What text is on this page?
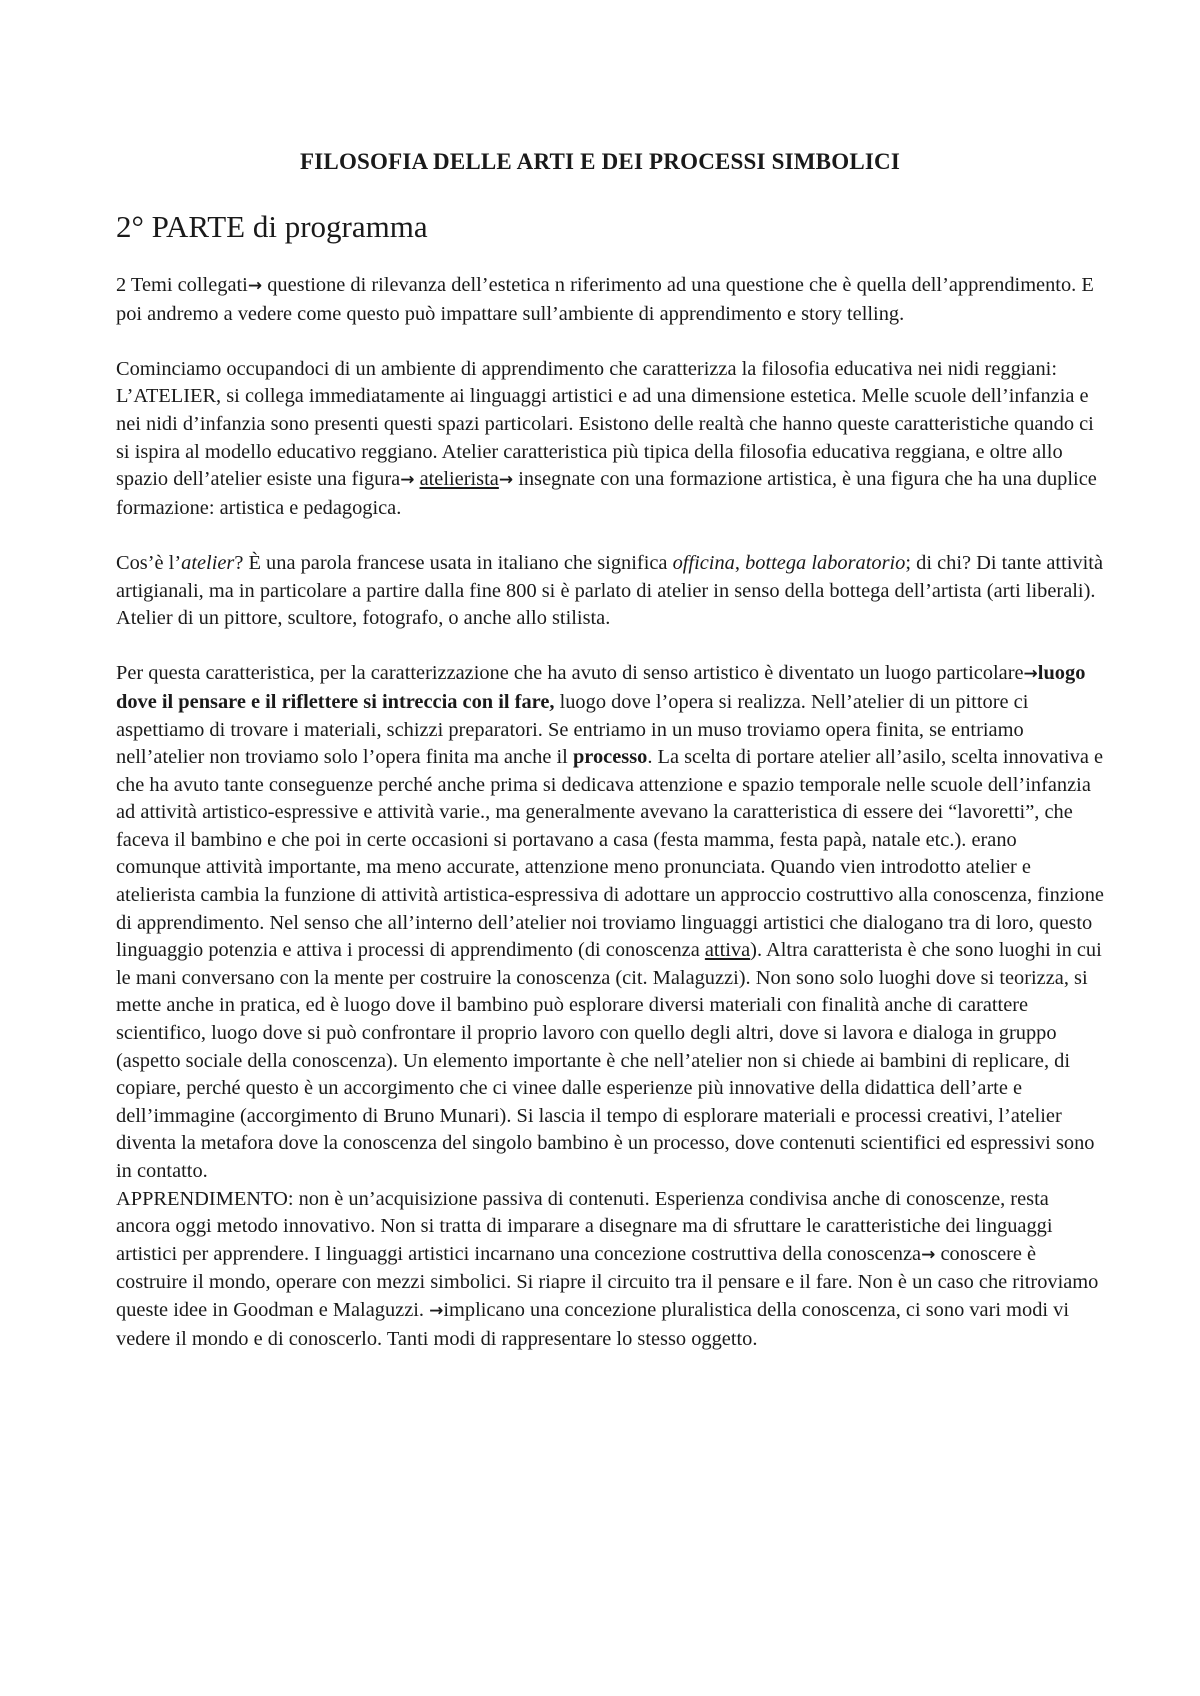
FILOSOFIA DELLE ARTI E DEI PROCESSI SIMBOLICI
2° PARTE di programma

2 Temi collegati→ questione di rilevanza dell’estetica n riferimento ad una questione che è quella dell’apprendimento. E poi andremo a vedere come questo può impattare sull’ambiente di apprendimento e story telling.

Cominciamo occupandoci di un ambiente di apprendimento che caratterizza la filosofia educativa nei nidi reggiani: L’ATELIER, si collega immediatamente ai linguaggi artistici e ad una dimensione estetica. Melle scuole dell’infanzia e nei nidi d’infanzia sono presenti questi spazi particolari. Esistono delle realtà che hanno queste caratteristiche quando ci si ispira al modello educativo reggiano. Atelier caratteristica più tipica della filosofia educativa reggiana, e oltre allo spazio dell’atelier esiste una figura→ atelierista→ insegnate con una formazione artistica, è una figura che ha una duplice formazione: artistica e pedagogica.

Cos’è l’atelier? È una parola francese usata in italiano che significa officina, bottega laboratorio; di chi? Di tante attività artigianali, ma in particolare a partire dalla fine 800 si è parlato di atelier in senso della bottega dell’artista (arti liberali). Atelier di un pittore, scultore, fotografo, o anche allo stilista.

Per questa caratteristica, per la caratterizzazione che ha avuto di senso artistico è diventato un luogo particolare→luogo dove il pensare e il riflettere si intreccia con il fare, luogo dove l’opera si realizza. Nell’atelier di un pittore ci aspettiamo di trovare i materiali, schizzi preparatori. Se entriamo in un muso troviamo opera finita, se entriamo nell’atelier non troviamo solo l’opera finita ma anche il processo. La scelta di portare atelier all’asilo, scelta innovativa e che ha avuto tante conseguenze perché anche prima si dedicava attenzione e spazio temporale nelle scuole dell’infanzia ad attività artistico-espressive e attività varie., ma generalmente avevano la caratteristica di essere dei “lavoretti”, che faceva il bambino e che poi in certe occasioni si portavano a casa (festa mamma, festa papà, natale etc.). erano comunque attività importante, ma meno accurate, attenzione meno pronunciata. Quando vien introdotto atelier e atelierista cambia la funzione di attività artistica-espressiva di adottare un approccio costruttivo alla conoscenza, finzione di apprendimento. Nel senso che all’interno dell’atelier noi troviamo linguaggi artistici che dialogano tra di loro, questo linguaggio potenzia e attiva i processi di apprendimento (di conoscenza attiva). Altra caratterista è che sono luoghi in cui le mani conversano con la mente per costruire la conoscenza (cit. Malaguzzi). Non sono solo luoghi dove si teorizza, si mette anche in pratica, ed è luogo dove il bambino può esplorare diversi materiali con finalità anche di carattere scientifico, luogo dove si può confrontare il proprio lavoro con quello degli altri, dove si lavora e dialoga in gruppo (aspetto sociale della conoscenza). Un elemento importante è che nell’atelier non si chiede ai bambini di replicare, di copiare, perché questo è un accorgimento che ci vinee dalle esperienze più innovative della didattica dell’arte e dell’immagine (accorgimento di Bruno Munari). Si lascia il tempo di esplorare materiali e processi creativi, l’atelier diventa la metafora dove la conoscenza del singolo bambino è un processo, dove contenuti scientifici ed espressivi sono in contatto.

APPRENDIMENTO: non è un’acquisizione passiva di contenuti. Esperienza condivisa anche di conoscenze, resta ancora oggi metodo innovativo. Non si tratta di imparare a disegnare ma di sfruttare le caratteristiche dei linguaggi artistici per apprendere. I linguaggi artistici incarnano una concezione costruttiva della conoscenza→ conoscere è costruire il mondo, operare con mezzi simbolici. Si riapre il circuito tra il pensare e il fare. Non è un caso che ritroviamo queste idee in Goodman e Malaguzzi. →implicano una concezione pluralistica della conoscenza, ci sono vari modi vi vedere il mondo e di conoscerlo. Tanti modi di rappresentare lo stesso oggetto.
